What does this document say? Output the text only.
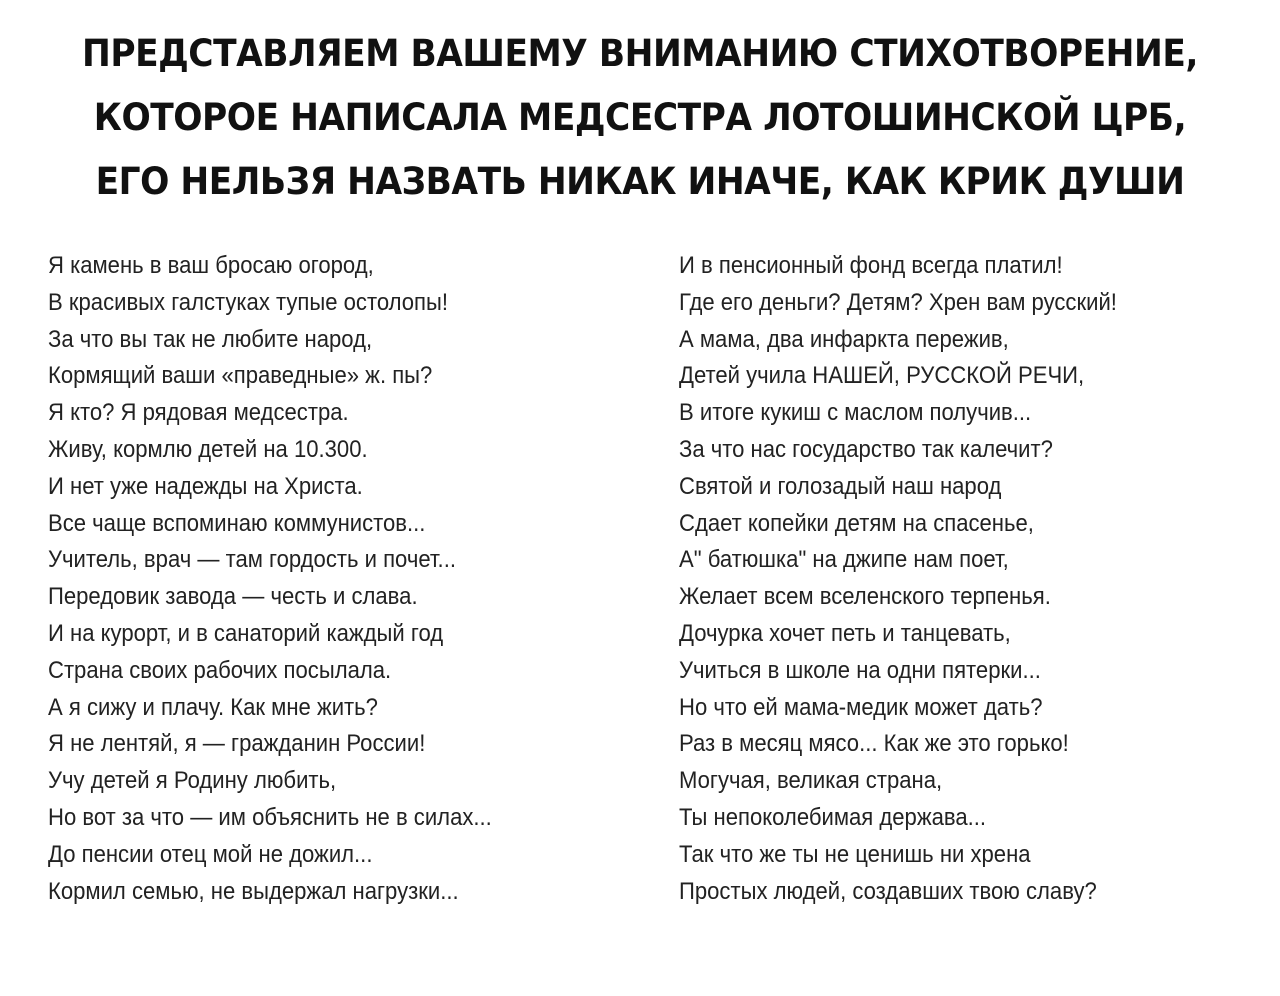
ПРЕДСТАВЛЯЕМ ВАШЕМУ ВНИМАНИЮ СТИХОТВОРЕНИЕ,
КОТОРОЕ НАПИСАЛА МЕДСЕСТРА ЛОТОШИНСКОЙ ЦРБ,
ЕГО НЕЛЬЗЯ НАЗВАТЬ НИКАК ИНАЧЕ, КАК КРИК ДУШИ
Я камень в ваш бросаю огород,
В красивых галстуках тупые остолопы!
За что вы так не любите народ,
Кормящий ваши «праведные» ж. пы?
Я кто? Я рядовая медсестра.
Живу, кормлю детей на 10.300.
И нет уже надежды на Христа.
Все чаще вспоминаю коммунистов...
Учитель, врач — там гордость и почет...
Передовик завода — честь и слава.
И на курорт, и в санаторий каждый год
Страна своих рабочих посылала.
А я сижу и плачу. Как мне жить?
Я не лентяй, я — гражданин России!
Учу детей я Родину любить,
Но вот за что — им объяснить не в силах...
До пенсии отец мой не дожил...
Кормил семью, не выдержал нагрузки...
И в пенсионный фонд всегда платил!
Где его деньги? Детям? Хрен вам русский!
А мама, два инфаркта пережив,
Детей учила НАШЕЙ, РУССКОЙ РЕЧИ,
В итоге кукиш с маслом получив...
За что нас государство так калечит?
Святой и голозадый наш народ
Сдает копейки детям на спасенье,
А" батюшка" на джипе нам поет,
Желает всем вселенского терпенья.
Дочурка хочет петь и танцевать,
Учиться в школе на одни пятерки...
Но что ей мама-медик может дать?
Раз в месяц мясо... Как же это горько!
Могучая, великая страна,
Ты непоколебимая держава...
Так что же ты не ценишь ни хрена
Простых людей, создавших твою славу?
